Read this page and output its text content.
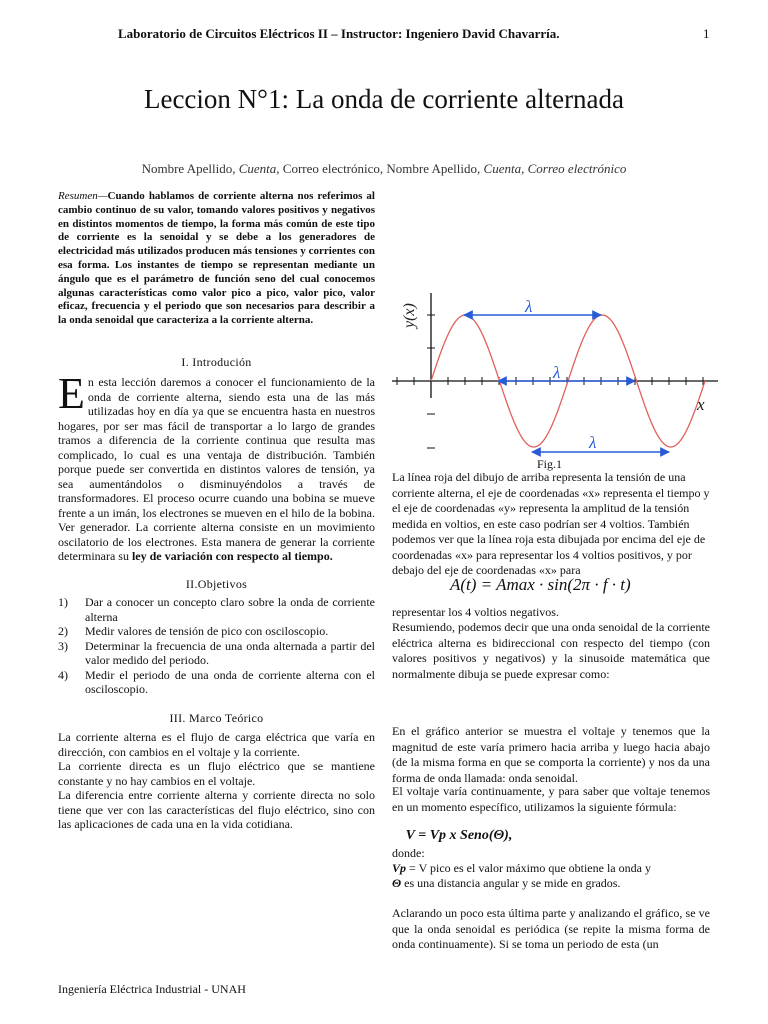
Laboratorio de Circuitos Eléctricos II – Instructor: Ingeniero David Chavarría.	1
Leccion N°1: La onda de corriente alternada
Nombre Apellido, Cuenta, Correo electrónico, Nombre Apellido, Cuenta, Correo electrónico
Resumen—Cuando hablamos de corriente alterna nos referimos al cambio continuo de su valor, tomando valores positivos y negativos en distintos momentos de tiempo, la forma más común de este tipo de corriente es la senoidal y se debe a los generadores de electricidad más utilizados producen más tensiones y corrientes con esa forma. Los instantes de tiempo se representan mediante un ángulo que es el parámetro de función seno del cual conocemos algunas características como valor pico a pico, valor pico, valor eficaz, frecuencia y el periodo que son necesarios para describir a la onda senoidal que caracteriza a la corriente alterna.
I. Introdución

En esta lección daremos a conocer el funcionamiento de la onda de corriente alterna, siendo esta una de las más utilizadas hoy en día ya que se encuentra hasta en nuestros hogares, por ser mas fácil de transportar a lo largo de grandes tramos a diferencia de la corriente continua que resulta mas complicado, lo cual es una ventaja de distribución. También porque puede ser convertida en distintos valores de tensión, ya sea aumentándolos o disminuyéndolos a través de transformadores. El proceso ocurre cuando una bobina se mueve frente a un imán, los electrones se mueven en el hilo de la bobina. Ver generador. La corriente alterna consiste en un movimiento oscilatorio de los electrones. Esta manera de generar la corriente determinara su ley de variación con respecto al tiempo.

II.Objetivos
1) Dar a conocer un concepto claro sobre la onda de corriente alterna
2) Medir valores de tensión de pico con osciloscopio.
3) Determinar la frecuencia de una onda alternada a partir del valor medido del periodo.
4) Medir el periodo de una onda de corriente alterna con el osciloscopio.
III. Marco Teórico

La corriente alterna es el flujo de carga eléctrica que varía en dirección, con cambios en el voltaje y la corriente.

La corriente directa es un flujo eléctrico que se mantiene constante y no hay cambios en el voltaje.

La diferencia entre corriente alterna y corriente directa no solo tiene que ver con las características del flujo eléctrico, sino con las aplicaciones de cada una en la vida cotidiana.

λ
λ
λ
y(x)
x
Fig.1
La línea roja del dibujo de arriba representa la tensión de una corriente alterna, el eje de coordenadas «x» representa el tiempo y el eje de coordenadas «y» representa la amplitud de la tensión medida en voltios, en este caso podrían ser 4 voltios. También podemos ver que la línea roja esta dibujada por encima del eje de coordenadas «x» para representar los 4 voltios positivos, y por debajo del eje de coordenadas «x» para
A(t) = Amax · sin(2π · f · t)
representar los 4 voltios negativos.
Resumiendo, podemos decir que una onda senoidal de la corriente eléctrica alterna es bidireccional con respecto del tiempo (con valores positivos y negativos) y la sinusoide matemática que normalmente dibuja se puede expresar como:
En el gráfico anterior se muestra el voltaje y tenemos que la magnitud de este varía primero hacia arriba y luego hacia abajo (de la misma forma en que se comporta la corriente) y nos da una forma de onda llamada: onda senoidal.
El voltaje varía continuamente, y para saber que voltaje tenemos en un momento específico, utilizamos la siguiente fórmula:
V = Vp x Seno(Θ),
donde:
Vp = V pico es el valor máximo que obtiene la onda y
Θ es una distancia angular y se mide en grados.
Aclarando un poco esta última parte y analizando el gráfico, se ve que la onda senoidal es periódica (se repite la misma forma de onda continuamente). Si se toma un periodo de esta (un
Ingeniería Eléctrica Industrial - UNAH
